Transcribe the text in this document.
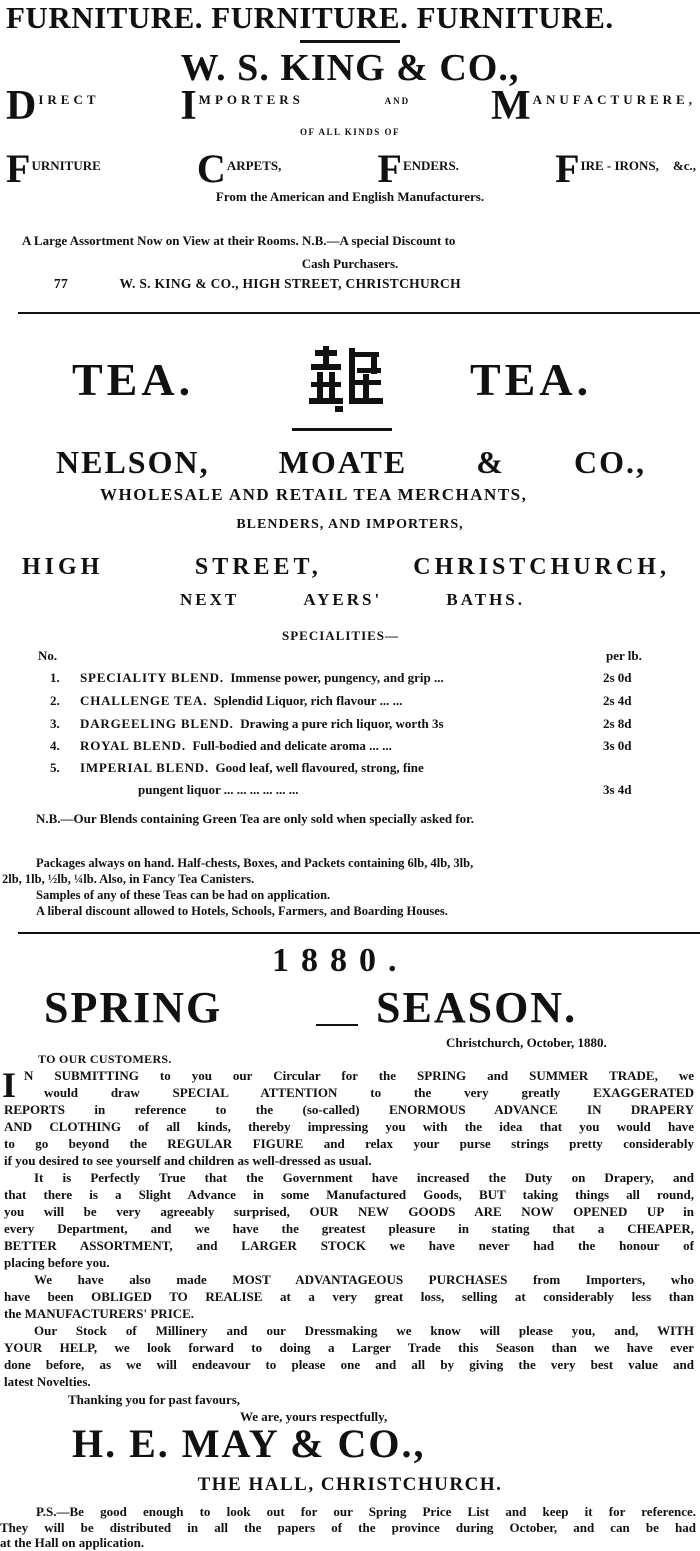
FURNITURE. FURNITURE. FURNITURE.
W. S. KING & CO.,
D IRECT I MPORTERS	AND M ANUFACTURERE,
OF ALL KINDS OF
F URNITURE C ARPETS, F ENDERS. F IRE - IRONS, &c.,
From the American and English Manufacturers.
A Large Assortment Now on View at their Rooms. N.B.—A special Discount to
Cash Purchasers.
77	W. S. KING & CO., HIGH STREET, CHRISTCHURCH
TEA.	TEA.
NELSON, MOATE & CO.,
WHOLESALE AND RETAIL TEA MERCHANTS,
BLENDERS, AND IMPORTERS,
HIGH	STREET,	CHRISTCHURCH,
NEXT	AYERS'	BATHS.
SPECIALITIES—
No.	per lb.
1. SPECIALITY BLEND. Immense power, pungency, and grip ...	2s 0d
2. CHALLENGE TEA. Splendid Liquor, rich flavour ... ...	2s 4d
3. DARGEELING BLEND. Drawing a pure rich liquor, worth 3s	2s 8d
4. ROYAL BLEND. Full-bodied and delicate aroma ... ...	3s 0d
5. IMPERIAL BLEND. Good leaf, well flavoured, strong, fine
pungent liquor ... ... ... ... ... ...	3s 4d
N.B.—Our Blends containing Green Tea are only sold when specially asked for.
Packages always on hand. Half-chests, Boxes, and Packets containing 6lb, 4lb, 3lb,
2lb, 1lb, ½lb, ¼lb. Also, in Fancy Tea Canisters.
Samples of any of these Teas can be had on application.
A liberal discount allowed to Hotels, Schools, Farmers, and Boarding Houses.
1880.
SPRING	SEASON.
Christchurch, October, 1880.
TO OUR CUSTOMERS.
I N SUBMITTING to you our Circular for the SPRING and SUMMER TRADE, we
would draw SPECIAL ATTENTION to the very greatly EXAGGERATED
REPORTS in reference to the (so-called) ENORMOUS ADVANCE IN DRAPERY
AND CLOTHING of all kinds, thereby impressing you with the idea that you would have
to go beyond the REGULAR FIGURE and relax your purse strings pretty considerably
if you desired to see yourself and children as well-dressed as usual.
It is Perfectly True that the Government have increased the Duty on Drapery, and
that there is a Slight Advance in some Manufactured Goods, BUT taking things all round,
you will be very agreeably surprised, OUR NEW GOODS ARE NOW OPENED UP in
every Department, and we have the greatest pleasure in stating that a CHEAPER,
BETTER ASSORTMENT, and LARGER STOCK we have never had the honour of
placing before you.
We have also made MOST ADVANTAGEOUS PURCHASES from Importers, who
have been OBLIGED TO REALISE at a very great loss, selling at considerably less than
the MANUFACTURERS' PRICE.
Our Stock of Millinery and our Dressmaking we know will please you, and, WITH
YOUR HELP, we look forward to doing a Larger Trade this Season than we have ever
done before, as we will endeavour to please one and all by giving the very best value and
latest Novelties.
Thanking you for past favours,
We are, yours respectfully,
H. E. MAY & CO.,
THE HALL, CHRISTCHURCH.
P.S.—Be good enough to look out for our Spring Price List and keep it for reference.
They will be distributed in all the papers of the province during October, and can be had
at the Hall on application.
